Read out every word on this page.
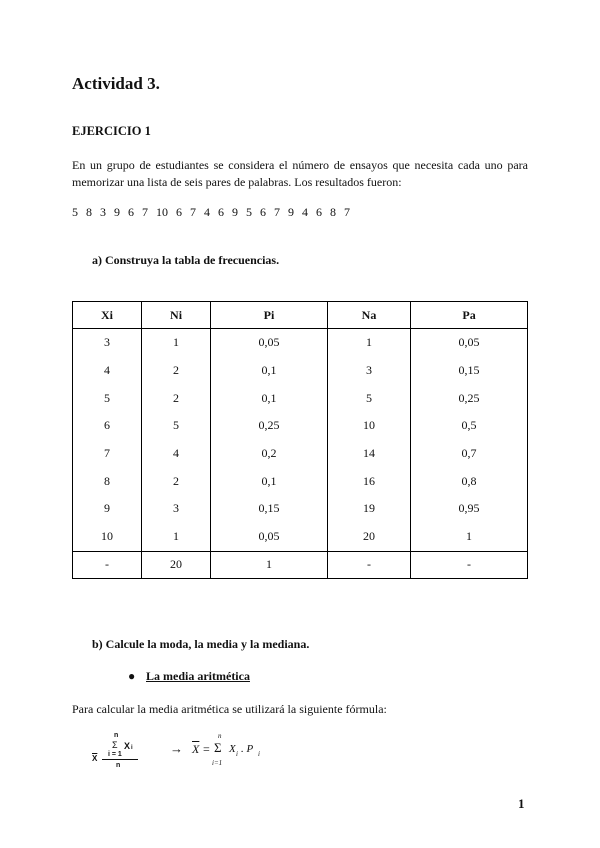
Actividad 3.
EJERCICIO 1
En un grupo de estudiantes se considera el número de ensayos que necesita cada uno para memorizar una lista de seis pares de palabras. Los resultados fueron:
5 8 3 9 6 7 10 6 7 4 6 9 5 6 7 9 4 6 8 7
a) Construya la tabla de frecuencias.
Xi	Ni	Pi	Na	Pa
3	1	0,05	1	0,05
4	2	0,1	3	0,15
5	2	0,1	5	0,25
6	5	0,25	10	0,5
7	4	0,2	14	0,7
8	2	0,1	16	0,8
9	3	0,15	19	0,95
10	1	0,05	20	1
-	20	1	-	-
b) Calcule la moda, la media y la mediana.
● La media aritmética
Para calcular la media aritmética se utilizará la siguiente fórmula:
n
Σ X i
i = 1
$\overline{X}$
n
→ $\overline{X}$ =
n
Σ
i=1
X i . P i
1
